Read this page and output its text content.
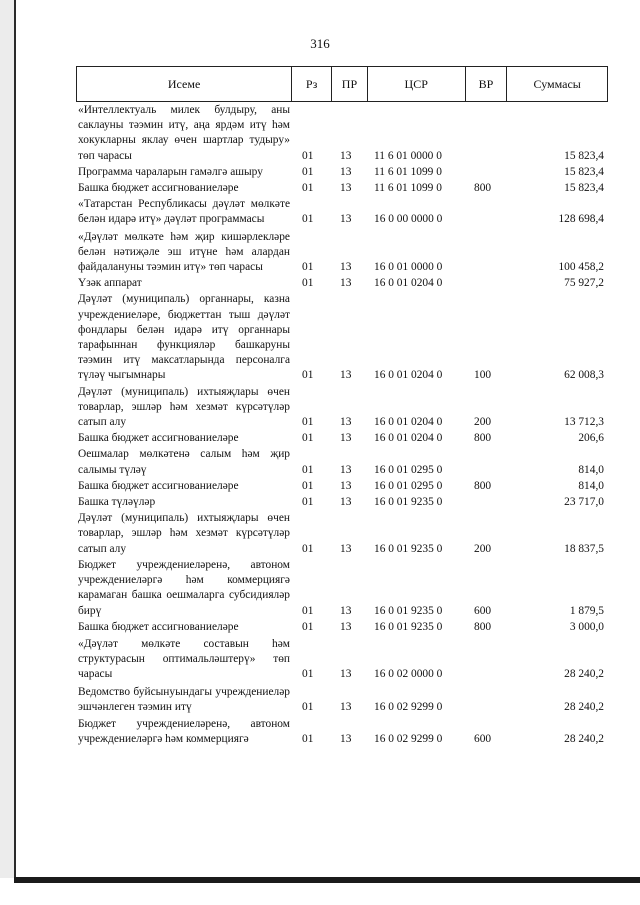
316
Исеме	Рз	ПР	ЦСР	ВР	Суммасы
«Интеллектуаль милек булдыру, аны саклауны тәэмин итү, аңа ярдәм итү һәм хокукларны яклау өчен шартлар тудыру» төп чарасы	01 13 11 6 01 0000 0	15 823,4
Программа чараларын гамәлгә ашыру	01 13 11 6 01 1099 0	15 823,4
Башка бюджет ассигнованиеләре	01 13 11 6 01 1099 0	800	15 823,4
«Татарстан Республикасы дәүләт мөлкәте белән идарә итү» дәүләт программасы	01 13 16 0 00 0000 0	128 698,4
«Дәүләт мөлкәте һәм җир кишәрлекләре белән нәтиҗәле эш итүне һәм алардан файдалануны тәэмин итү» төп чарасы	01 13 16 0 01 0000 0	100 458,2
Үзәк аппарат	01 13 16 0 01 0204 0	75 927,2
Дәүләт (муниципаль) органнары, казна учреждениеләре, бюджеттан тыш дәүләт фондлары белән идарә итү органнары тарафыннан функцияләр башкаруны тәэмин итү максатларында персоналга түләү чыгымнары	01 13 16 0 01 0204 0	100	62 008,3
Дәүләт (муниципаль) ихтыяҗлары өчен товарлар, эшләр һәм хезмәт күрсәтүләр сатып алу	01 13 16 0 01 0204 0	200	13 712,3
Башка бюджет ассигнованиеләре	01 13 16 0 01 0204 0	800	206,6
Оешмалар мөлкәтенә салым һәм җир салымы түләү	01 13 16 0 01 0295 0	814,0
Башка бюджет ассигнованиеләре	01 13 16 0 01 0295 0	800	814,0
Башка түләүләр	01 13 16 0 01 9235 0	23 717,0
Дәүләт (муниципаль) ихтыяҗлары өчен товарлар, эшләр һәм хезмәт күрсәтүләр сатып алу	01 13 16 0 01 9235 0	200	18 837,5
Бюджет учреждениеләренә, автоном учреждениеләргә һәм коммерциягә карамаган башка оешмаларга субсидияләр бирү	01 13 16 0 01 9235 0	600	1 879,5
Башка бюджет ассигнованиеләре	01 13 16 0 01 9235 0	800	3 000,0
«Дәүләт мөлкәте составын һәм структурасын оптимальләштерү» төп чарасы	01 13 16 0 02 0000 0	28 240,2
Ведомство буйсынуындагы учреждениеләр эшчәнлеген тәэмин итү	01 13 16 0 02 9299 0	28 240,2
Бюджет учреждениеләренә, автоном учреждениеләргә һәм коммерциягә	01 13 16 0 02 9299 0	600	28 240,2
